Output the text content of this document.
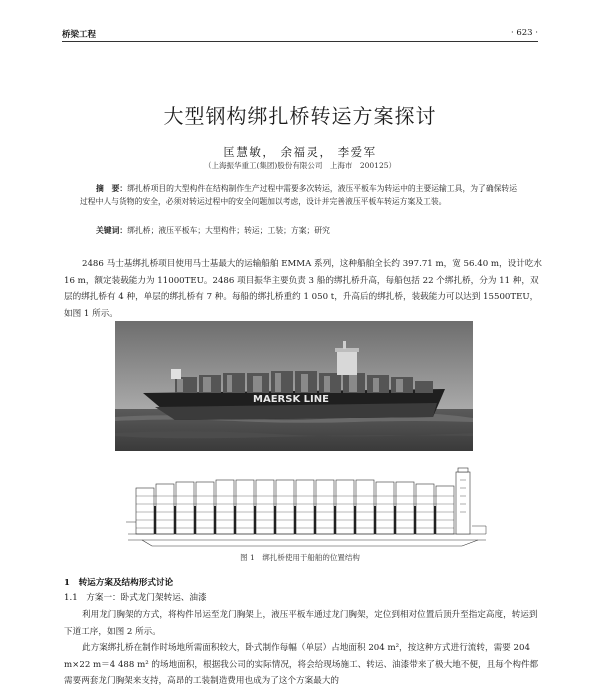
桥梁工程	· 623 ·
大型钢构绑扎桥转运方案探讨
匡慧敏， 余福灵， 李爱军
（上海振华重工(集团)股份有限公司　上海市　200125）
摘　要：绑扎桥项目的大型构件在结构制作生产过程中需要多次转运，液压平板车为转运中的主要运输工具，为了确保转运过程中人与货物的安全，必须对转运过程中的安全问题加以考虑，设计并完善液压平板车转运方案及工装。
关键词：绑扎桥；液压平板车；大型构件；转运；工装；方案；研究
2486 马士基绑扎桥项目使用马士基最大的运输船舶 EMMA 系列，这种船舶全长约 397.71 m，宽 56.40 m，设计吃水 16 m，额定装载能力为 11000TEU。2486 项目振华主要负责 3 船的绑扎桥升高，每船包括 22 个绑扎桥，分为 11 种，双层的绑扎桥有 4 种，单层的绑扎桥有 7 种。每船的绑扎桥重约 1 050 t，升高后的绑扎桥，装载能力可以达到 15500TEU，如图 1 所示。
MAERSK LINE
图 1　绑扎桥使用于船舶的位置结构
1　转运方案及结构形式讨论
1.1　方案一：卧式龙门架转运、油漆
利用龙门胸架的方式，将构件吊运至龙门胸架上，液压平板车通过龙门胸架，定位到相对位置后顶升至指定高度，转运到下道工序，如图 2 所示。
此方案绑扎桥在制作时场地所需面积较大，卧式制作每幅（单层）占地面积 204 m²，按这种方式进行流转，需要 204 m×22 m＝4 488 m² 的场地面积，根据我公司的实际情况，将会给现场施工、转运、油漆带来了极大地不便，且每个构件都需要两套龙门胸架来支持，高昂的工装制造费用也成为了这个方案最大的
